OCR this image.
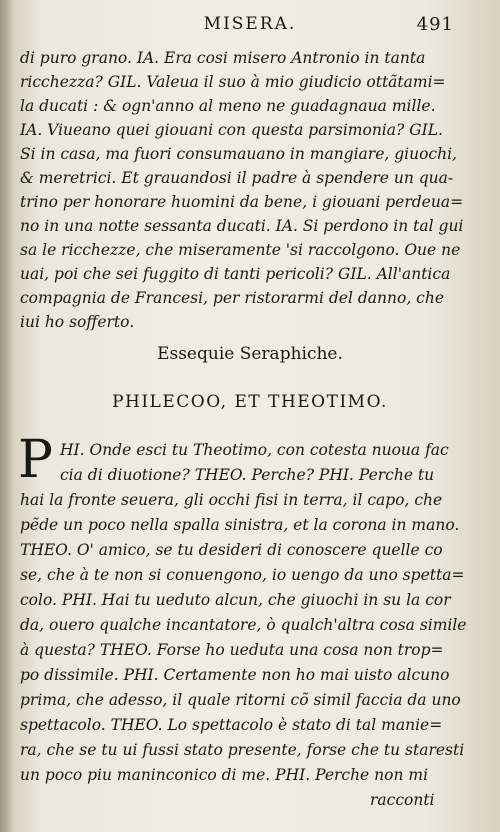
MISERA.	491
di puro grano. IA. Era cosi misero Antronio in tanta
ricchezza? GIL. Valeua il suo à mio giudicio ottãtami=
la ducati : & ogn'anno al meno ne guadagnaua mille.
IA. Viueano quei giouani con questa parsimonia? GIL.
Si in casa, ma fuori consumauano in mangiare, giuochi,
& meretrici. Et grauandosi il padre à spendere un qua-
trino per honorare huomini da bene, i giouani perdeua=
no in una notte sessanta ducati. IA. Si perdono in tal gui
sa le ricchezze, che miseramente 'si raccolgono. Oue ne
uai, poi che sei fuggito di tanti pericoli? GIL. All'antica
compagnia de Francesi, per ristorarmi del danno, che
iui ho sofferto.
Essequie Seraphiche.
PHILECOO, ET THEOTIMO.
P HI. Onde esci tu Theotimo, con cotesta nuoua fac
cia di diuotione? THEO. Perche? PHI. Perche tu
hai la fronte seuera, gli occhi fisi in terra, il capo, che
pẽde un poco nella spalla sinistra, et la corona in mano.
THEO. O' amico, se tu desideri di conoscere quelle co
se, che à te non si conuengono, io uengo da uno spetta=
colo. PHI. Hai tu ueduto alcun, che giuochi in su la cor
da, ouero qualche incantatore, ò qualch'altra cosa simile
à questa? THEO. Forse ho ueduta una cosa non trop=
po dissimile. PHI. Certamente non ho mai uisto alcuno
prima, che adesso, il quale ritorni cõ simil faccia da uno
spettacolo. THEO. Lo spettacolo è stato di tal manie=
ra, che se tu ui fussi stato presente, forse che tu staresti
un poco piu maninconico di me. PHI. Perche non mi
racconti
